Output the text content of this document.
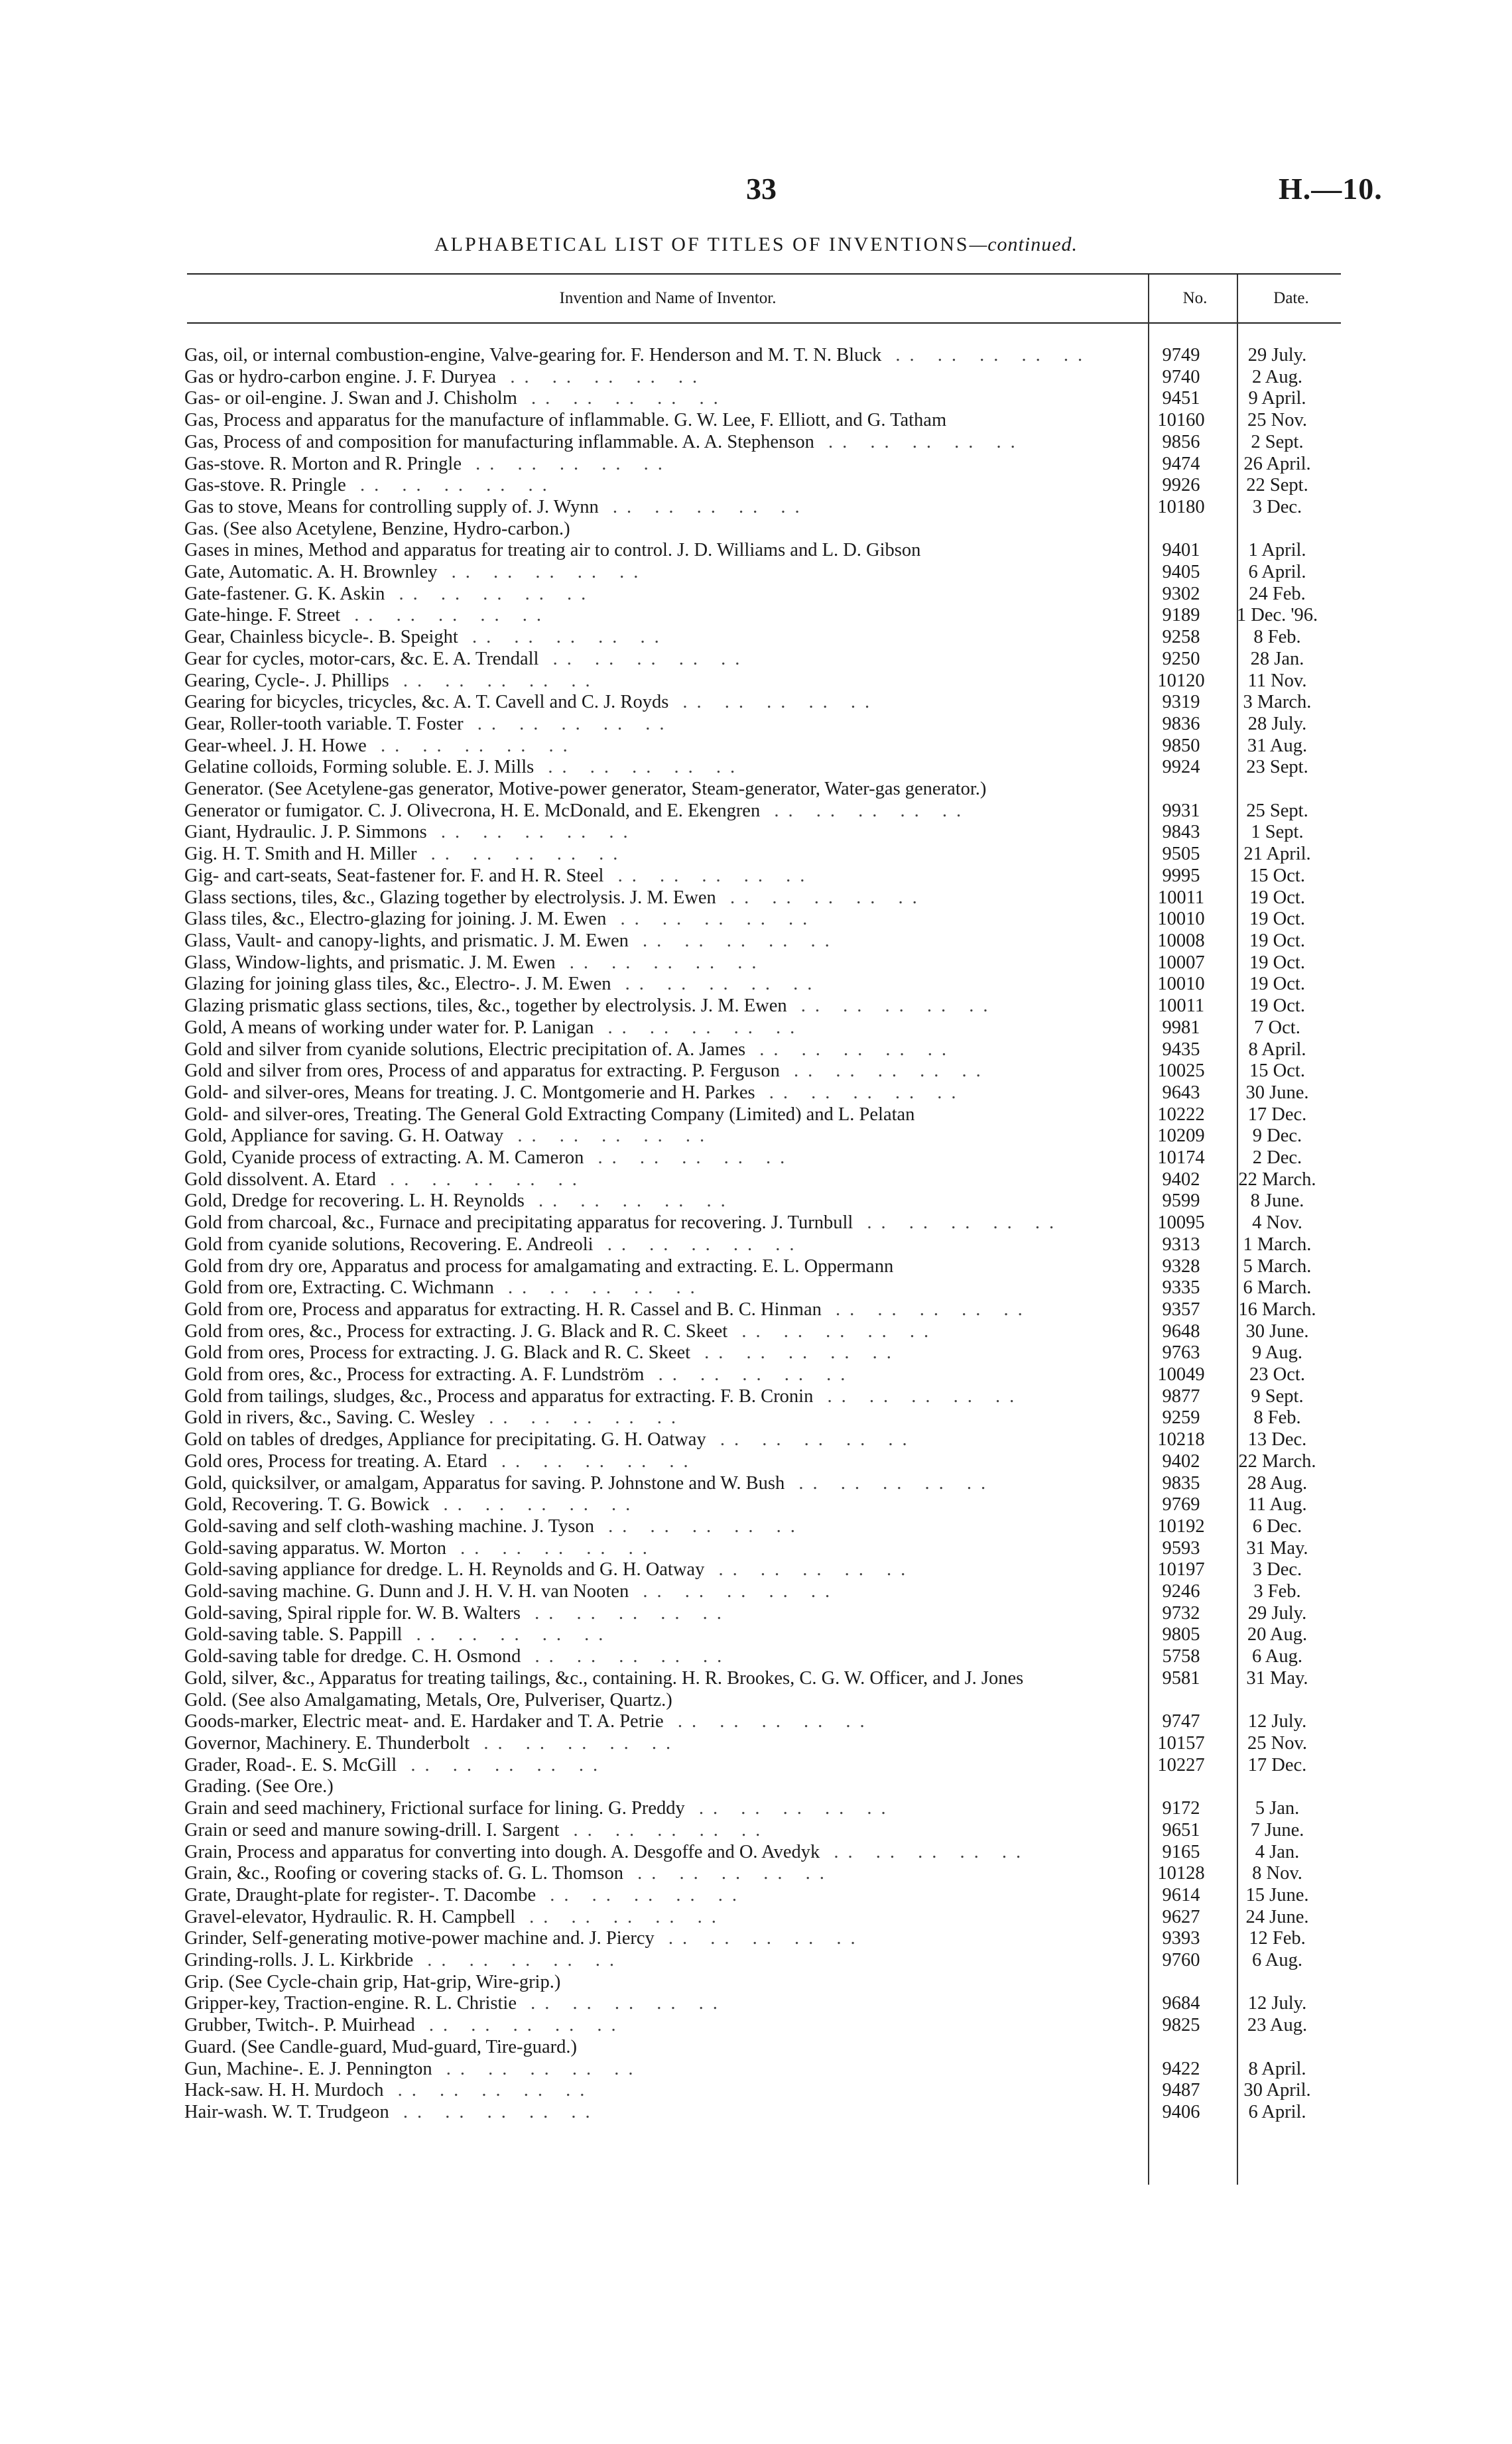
33	H.—10.
ALPHABETICAL LIST OF TITLES OF INVENTIONS—continued.
Invention and Name of Inventor.	No.	Date.
Gas, oil, or internal combustion-engine, Valve-gearing for. F. Henderson and M. T. N. Bluck .. .. .. .. ..	9749	29 July.
Gas or hydro-carbon engine. J. F. Duryea .. .. .. .. ..	9740	2 Aug.
Gas- or oil-engine. J. Swan and J. Chisholm .. .. .. .. ..	9451	9 April.
Gas, Process and apparatus for the manufacture of inflammable. G. W. Lee, F. Elliott, and G. Tatham	10160	25 Nov.
Gas, Process of and composition for manufacturing inflammable. A. A. Stephenson .. .. .. .. ..	9856	2 Sept.
Gas-stove. R. Morton and R. Pringle .. .. .. .. ..	9474	26 April.
Gas-stove. R. Pringle .. .. .. .. ..	9926	22 Sept.
Gas to stove, Means for controlling supply of. J. Wynn .. .. .. .. ..	10180	3 Dec.
Gas. (See also Acetylene, Benzine, Hydro-carbon.)
Gases in mines, Method and apparatus for treating air to control. J. D. Williams and L. D. Gibson	9401	1 April.
Gate, Automatic. A. H. Brownley .. .. .. .. ..	9405	6 April.
Gate-fastener. G. K. Askin .. .. .. .. ..	9302	24 Feb.
Gate-hinge. F. Street .. .. .. .. ..	9189	1 Dec. '96.
Gear, Chainless bicycle-. B. Speight .. .. .. .. ..	9258	8 Feb.
Gear for cycles, motor-cars, &c. E. A. Trendall .. .. .. .. ..	9250	28 Jan.
Gearing, Cycle-. J. Phillips .. .. .. .. ..	10120	11 Nov.
Gearing for bicycles, tricycles, &c. A. T. Cavell and C. J. Royds .. .. .. .. ..	9319	3 March.
Gear, Roller-tooth variable. T. Foster .. .. .. .. ..	9836	28 July.
Gear-wheel. J. H. Howe .. .. .. .. ..	9850	31 Aug.
Gelatine colloids, Forming soluble. E. J. Mills .. .. .. .. ..	9924	23 Sept.
Generator. (See Acetylene-gas generator, Motive-power generator, Steam-generator, Water-gas generator.)
Generator or fumigator. C. J. Olivecrona, H. E. McDonald, and E. Ekengren .. .. .. .. ..	9931	25 Sept.
Giant, Hydraulic. J. P. Simmons .. .. .. .. ..	9843	1 Sept.
Gig. H. T. Smith and H. Miller .. .. .. .. ..	9505	21 April.
Gig- and cart-seats, Seat-fastener for. F. and H. R. Steel .. .. .. .. ..	9995	15 Oct.
Glass sections, tiles, &c., Glazing together by electrolysis. J. M. Ewen .. .. .. .. ..	10011	19 Oct.
Glass tiles, &c., Electro-glazing for joining. J. M. Ewen .. .. .. .. ..	10010	19 Oct.
Glass, Vault- and canopy-lights, and prismatic. J. M. Ewen .. .. .. .. ..	10008	19 Oct.
Glass, Window-lights, and prismatic. J. M. Ewen .. .. .. .. ..	10007	19 Oct.
Glazing for joining glass tiles, &c., Electro-. J. M. Ewen .. .. .. .. ..	10010	19 Oct.
Glazing prismatic glass sections, tiles, &c., together by electrolysis. J. M. Ewen .. .. .. .. ..	10011	19 Oct.
Gold, A means of working under water for. P. Lanigan .. .. .. .. ..	9981	7 Oct.
Gold and silver from cyanide solutions, Electric precipitation of. A. James .. .. .. .. ..	9435	8 April.
Gold and silver from ores, Process of and apparatus for extracting. P. Ferguson .. .. .. .. ..	10025	15 Oct.
Gold- and silver-ores, Means for treating. J. C. Montgomerie and H. Parkes .. .. .. .. ..	9643	30 June.
Gold- and silver-ores, Treating. The General Gold Extracting Company (Limited) and L. Pelatan	10222	17 Dec.
Gold, Appliance for saving. G. H. Oatway .. .. .. .. ..	10209	9 Dec.
Gold, Cyanide process of extracting. A. M. Cameron .. .. .. .. ..	10174	2 Dec.
Gold dissolvent. A. Etard .. .. .. .. ..	9402	22 March.
Gold, Dredge for recovering. L. H. Reynolds .. .. .. .. ..	9599	8 June.
Gold from charcoal, &c., Furnace and precipitating apparatus for recovering. J. Turnbull .. .. .. .. ..	10095	4 Nov.
Gold from cyanide solutions, Recovering. E. Andreoli .. .. .. .. ..	9313	1 March.
Gold from dry ore, Apparatus and process for amalgamating and extracting. E. L. Oppermann	9328	5 March.
Gold from ore, Extracting. C. Wichmann .. .. .. .. ..	9335	6 March.
Gold from ore, Process and apparatus for extracting. H. R. Cassel and B. C. Hinman .. .. .. .. ..	9357	16 March.
Gold from ores, &c., Process for extracting. J. G. Black and R. C. Skeet .. .. .. .. ..	9648	30 June.
Gold from ores, Process for extracting. J. G. Black and R. C. Skeet .. .. .. .. ..	9763	9 Aug.
Gold from ores, &c., Process for extracting. A. F. Lundström .. .. .. .. ..	10049	23 Oct.
Gold from tailings, sludges, &c., Process and apparatus for extracting. F. B. Cronin .. .. .. .. ..	9877	9 Sept.
Gold in rivers, &c., Saving. C. Wesley .. .. .. .. ..	9259	8 Feb.
Gold on tables of dredges, Appliance for precipitating. G. H. Oatway .. .. .. .. ..	10218	13 Dec.
Gold ores, Process for treating. A. Etard .. .. .. .. ..	9402	22 March.
Gold, quicksilver, or amalgam, Apparatus for saving. P. Johnstone and W. Bush .. .. .. .. ..	9835	28 Aug.
Gold, Recovering. T. G. Bowick .. .. .. .. ..	9769	11 Aug.
Gold-saving and self cloth-washing machine. J. Tyson .. .. .. .. ..	10192	6 Dec.
Gold-saving apparatus. W. Morton .. .. .. .. ..	9593	31 May.
Gold-saving appliance for dredge. L. H. Reynolds and G. H. Oatway .. .. .. .. ..	10197	3 Dec.
Gold-saving machine. G. Dunn and J. H. V. H. van Nooten .. .. .. .. ..	9246	3 Feb.
Gold-saving, Spiral ripple for. W. B. Walters .. .. .. .. ..	9732	29 July.
Gold-saving table. S. Pappill .. .. .. .. ..	9805	20 Aug.
Gold-saving table for dredge. C. H. Osmond .. .. .. .. ..	5758	6 Aug.
Gold, silver, &c., Apparatus for treating tailings, &c., containing. H. R. Brookes, C. G. W. Officer, and J. Jones	9581	31 May.
Gold. (See also Amalgamating, Metals, Ore, Pulveriser, Quartz.)
Goods-marker, Electric meat- and. E. Hardaker and T. A. Petrie .. .. .. .. ..	9747	12 July.
Governor, Machinery. E. Thunderbolt .. .. .. .. ..	10157	25 Nov.
Grader, Road-. E. S. McGill .. .. .. .. ..	10227	17 Dec.
Grading. (See Ore.)
Grain and seed machinery, Frictional surface for lining. G. Preddy .. .. .. .. ..	9172	5 Jan.
Grain or seed and manure sowing-drill. I. Sargent .. .. .. .. ..	9651	7 June.
Grain, Process and apparatus for converting into dough. A. Desgoffe and O. Avedyk .. .. .. .. ..	9165	4 Jan.
Grain, &c., Roofing or covering stacks of. G. L. Thomson .. .. .. .. ..	10128	8 Nov.
Grate, Draught-plate for register-. T. Dacombe .. .. .. .. ..	9614	15 June.
Gravel-elevator, Hydraulic. R. H. Campbell .. .. .. .. ..	9627	24 June.
Grinder, Self-generating motive-power machine and. J. Piercy .. .. .. .. ..	9393	12 Feb.
Grinding-rolls. J. L. Kirkbride .. .. .. .. ..	9760	6 Aug.
Grip. (See Cycle-chain grip, Hat-grip, Wire-grip.)
Gripper-key, Traction-engine. R. L. Christie .. .. .. .. ..	9684	12 July.
Grubber, Twitch-. P. Muirhead .. .. .. .. ..	9825	23 Aug.
Guard. (See Candle-guard, Mud-guard, Tire-guard.)
Gun, Machine-. E. J. Pennington .. .. .. .. ..	9422	8 April.
Hack-saw. H. H. Murdoch .. .. .. .. ..	9487	30 April.
Hair-wash. W. T. Trudgeon .. .. .. .. ..	9406	6 April.
